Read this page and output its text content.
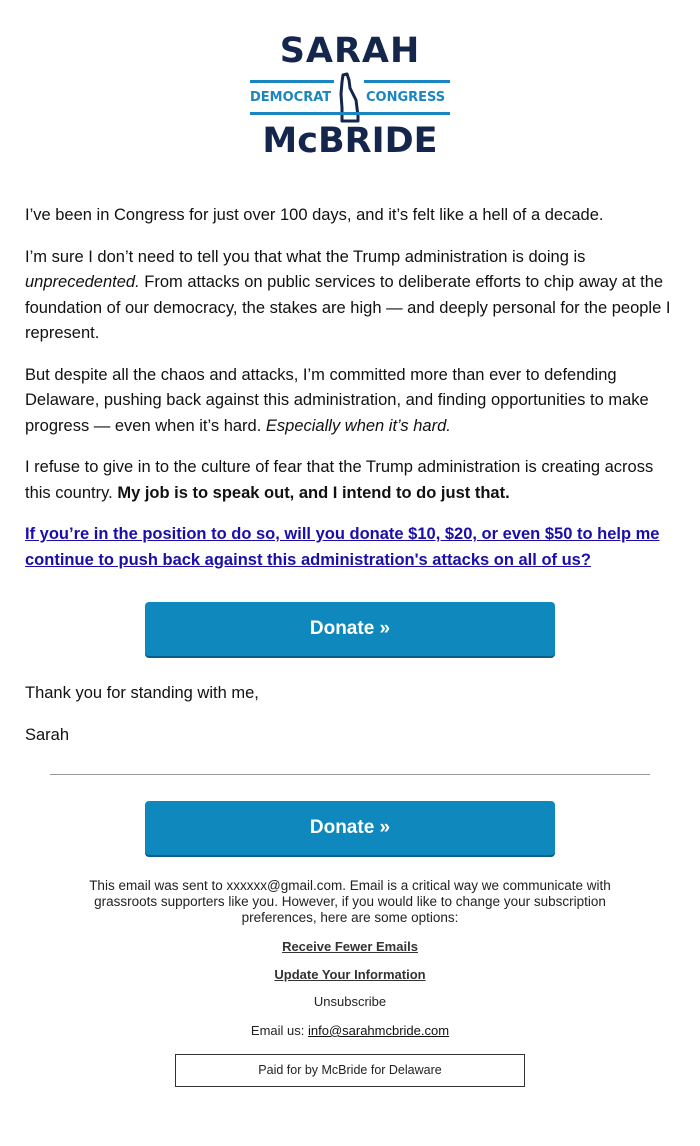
SARAH
DEMOCRAT	CONGRESS
McBRIDE

I’ve been in Congress for just over 100 days, and it’s felt like a hell of a decade.

I’m sure I don’t need to tell you that what the Trump administration is doing is unprecedented. From attacks on public services to deliberate efforts to chip away at the foundation of our democracy, the stakes are high — and deeply personal for the people I represent.

But despite all the chaos and attacks, I’m committed more than ever to defending Delaware, pushing back against this administration, and finding opportunities to make progress — even when it’s hard. Especially when it’s hard.

I refuse to give in to the culture of fear that the Trump administration is creating across this country. My job is to speak out, and I intend to do just that.

If you’re in the position to do so, will you donate $10, $20, or even $50 to help me continue to push back against this administration's attacks on all of us?

Donate »
Thank you for standing with me,
Sarah
Donate »
This email was sent to xxxxxx@gmail.com. Email is a critical way we communicate with grassroots supporters like you. However, if you would like to change your subscription preferences, here are some options:
Receive Fewer Emails
Update Your Information
Unsubscribe
Email us: info@sarahmcbride.com
Paid for by McBride for Delaware
